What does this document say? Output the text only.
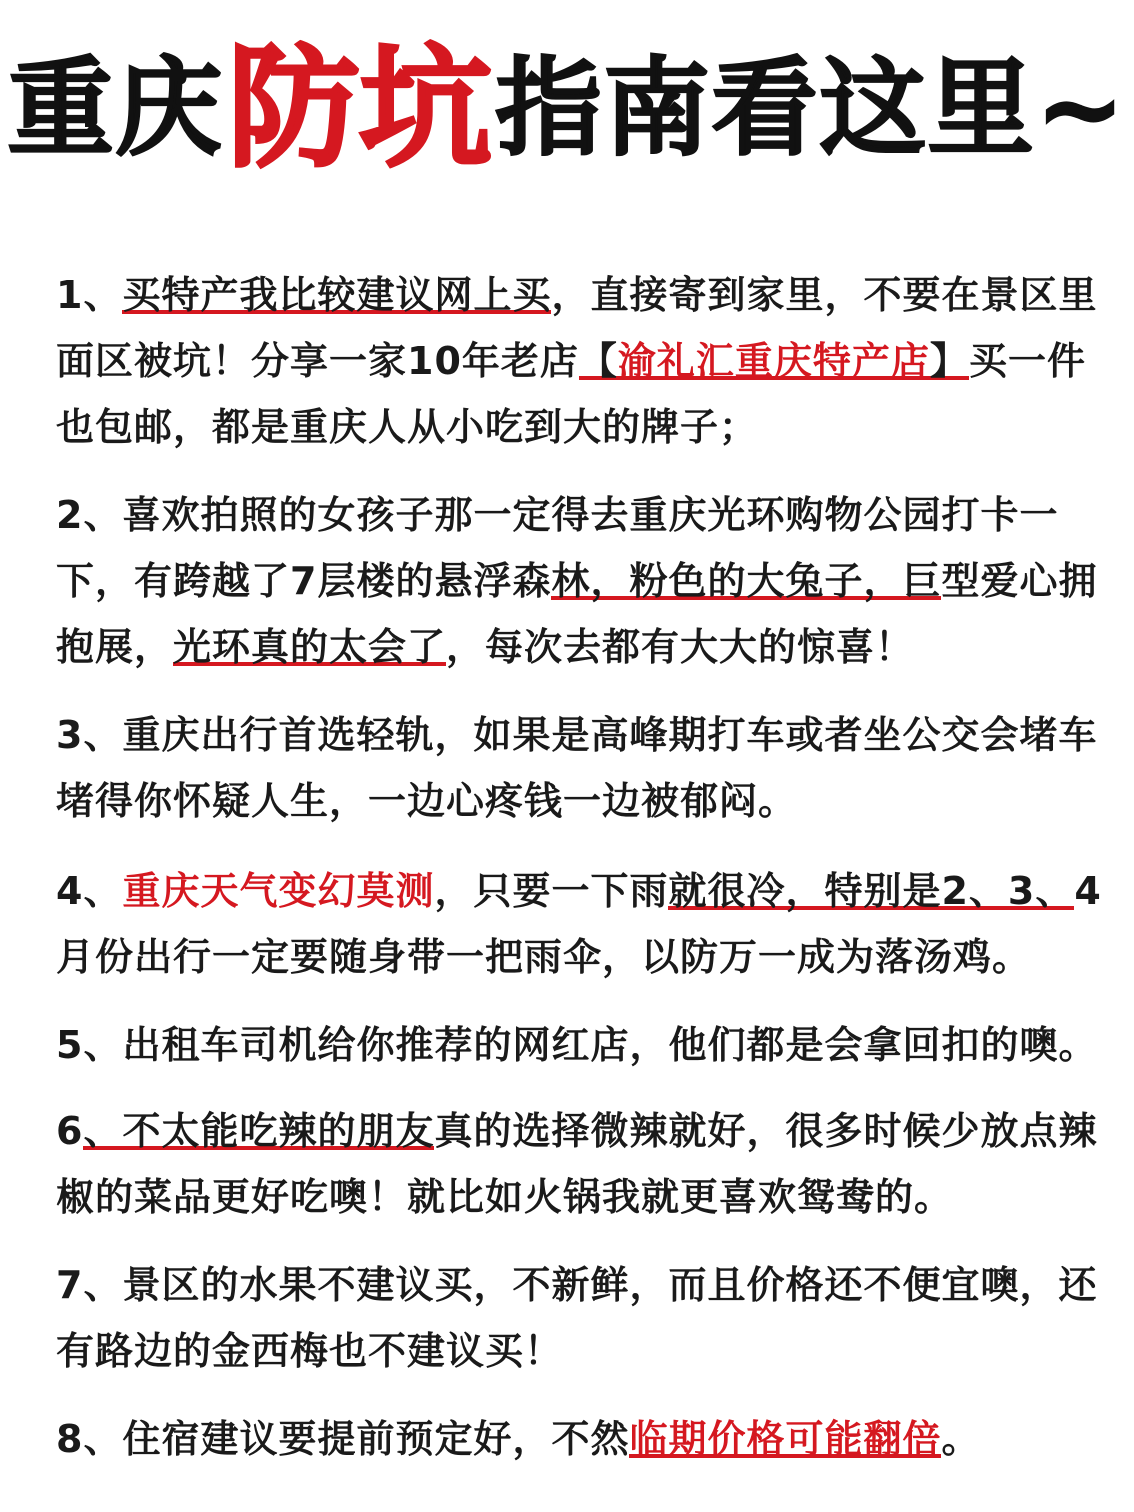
重庆防坑指南看这里~

1、买特产我比较建议网上买，直接寄到家里，不要在景区里面区被坑！分享一家10年老店【渝礼汇重庆特产店】买一件也包邮，都是重庆人从小吃到大的牌子；

2、喜欢拍照的女孩子那一定得去重庆光环购物公园打卡一下，有跨越了7层楼的悬浮森林，粉色的大兔子，巨型爱心拥抱展，光环真的太会了，每次去都有大大的惊喜！

3、重庆出行首选轻轨，如果是高峰期打车或者坐公交会堵车堵得你怀疑人生，一边心疼钱一边被郁闷。

4、重庆天气变幻莫测，只要一下雨就很冷，特别是2、3、4月份出行一定要随身带一把雨伞，以防万一成为落汤鸡。

5、出租车司机给你推荐的网红店，他们都是会拿回扣的噢。

6、不太能吃辣的朋友真的选择微辣就好，很多时候少放点辣椒的菜品更好吃噢！就比如火锅我就更喜欢鸳鸯的。

7、景区的水果不建议买，不新鲜，而且价格还不便宜噢，还有路边的金西梅也不建议买！

8、住宿建议要提前预定好，不然临期价格可能翻倍。
